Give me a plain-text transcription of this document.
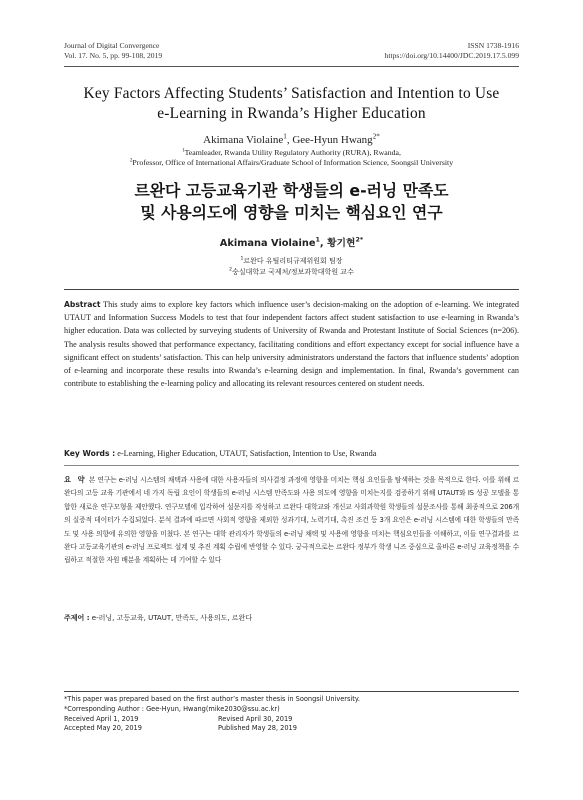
Journal of Digital Convergence
Vol. 17. No. 5, pp. 99-108, 2019
ISSN 1738-1916
https://doi.org/10.14400/JDC.2019.17.5.099
Key Factors Affecting Students’ Satisfaction and Intention to Use
e-Learning in Rwanda’s Higher Education
Akimana Violaine$^1$, Gee-Hyun Hwang$^{2*}$
$^1$Teamleader, Rwanda Utility Regulatory Authority (RURA), Rwanda,
$^2$Professor, Office of International Affairs/Graduate School of Information Science, Soongsil University
르완다 고등교육기관 학생들의 e-러닝 만족도
및 사용의도에 영향을 미치는 핵심요인 연구
Akimana Violaine$^1$, 황기현$^{2*}$
$^1$르완다 유틸리티규제위원회 팀장
$^2$숭실대학교 국제처/정보과학대학원 교수
Abstract This study aims to explore key factors which influence user’s decision-making on the adoption of e-learning. We integrated UTAUT and Information Success Models to test that four independent factors affect student satisfaction to use e-learning in Rwanda’s higher education. Data was collected by surveying students of University of Rwanda and Protestant Institute of Social Sciences (n=206). The analysis results showed that performance expectancy, facilitating conditions and effort expectancy except for social influence have a significant effect on students’ satisfaction. This can help university administrators understand the factors that influence students’ adoption of e-learning and incorporate these results into Rwanda’s e-learning design and implementation. In final, Rwanda’s government can contribute to establishing the e-learning policy and allocating its relevant resources centered on student needs.
Key Words : e-Learning, Higher Education, UTAUT, Satisfaction, Intention to Use, Rwanda
요 약 본 연구는 e-러닝 시스템의 채택과 사용에 대한 사용자들의 의사결정 과정에 영향을 미치는 핵심 요인들을 탐색하는 것을 목적으로 한다. 이를 위해 르완다의 고등 교육 기관에서 네 가지 독립 요인이 학생들의 e-러닝 시스템 만족도와 사용 의도에 영향을 미치는지를 검증하기 위해 UTAUT와 IS 성공 모델을 통합한 새로운 연구모형을 제안했다. 연구모델에 입각하여 설문지를 작성하고 르완다 대학교와 개신교 사회과학원 학생들의 설문조사를 통해 최종적으로 206개의 실증적 데이터가 수집되었다. 분석 결과에 따르면 사회적 영향을 제외한 성과기대, 노력기대, 촉진 조건 등 3개 요인은 e-러닝 시스템에 대한 학생들의 만족도 및 사용 의향에 유의한 영향을 미쳤다. 본 연구는 대학 관리자가 학생들의 e-러닝 채택 및 사용에 영향을 미치는 핵심요인들을 이해하고, 이들 연구결과를 르완다 고등교육기관의 e-러닝 프로젝트 설계 및 추진 계획 수립에 반영할 수 있다. 궁극적으로는 르완다 정부가 학생 니즈 중심으로 올바른 e-러닝 교육정책을 수립하고 적절한 자원 배분을 계획하는 데 기여할 수 있다
주제어 : e-러닝, 고등교육, UTAUT, 만족도, 사용의도, 르완다
*This paper was prepared based on the first author’s master thesis in Soongsil University.
*Corresponding Author : Gee-Hyun, Hwang(mike2030@ssu.ac.kr)
Received April 1, 2019	Revised April 30, 2019
Accepted May 20, 2019	Published May 28, 2019
